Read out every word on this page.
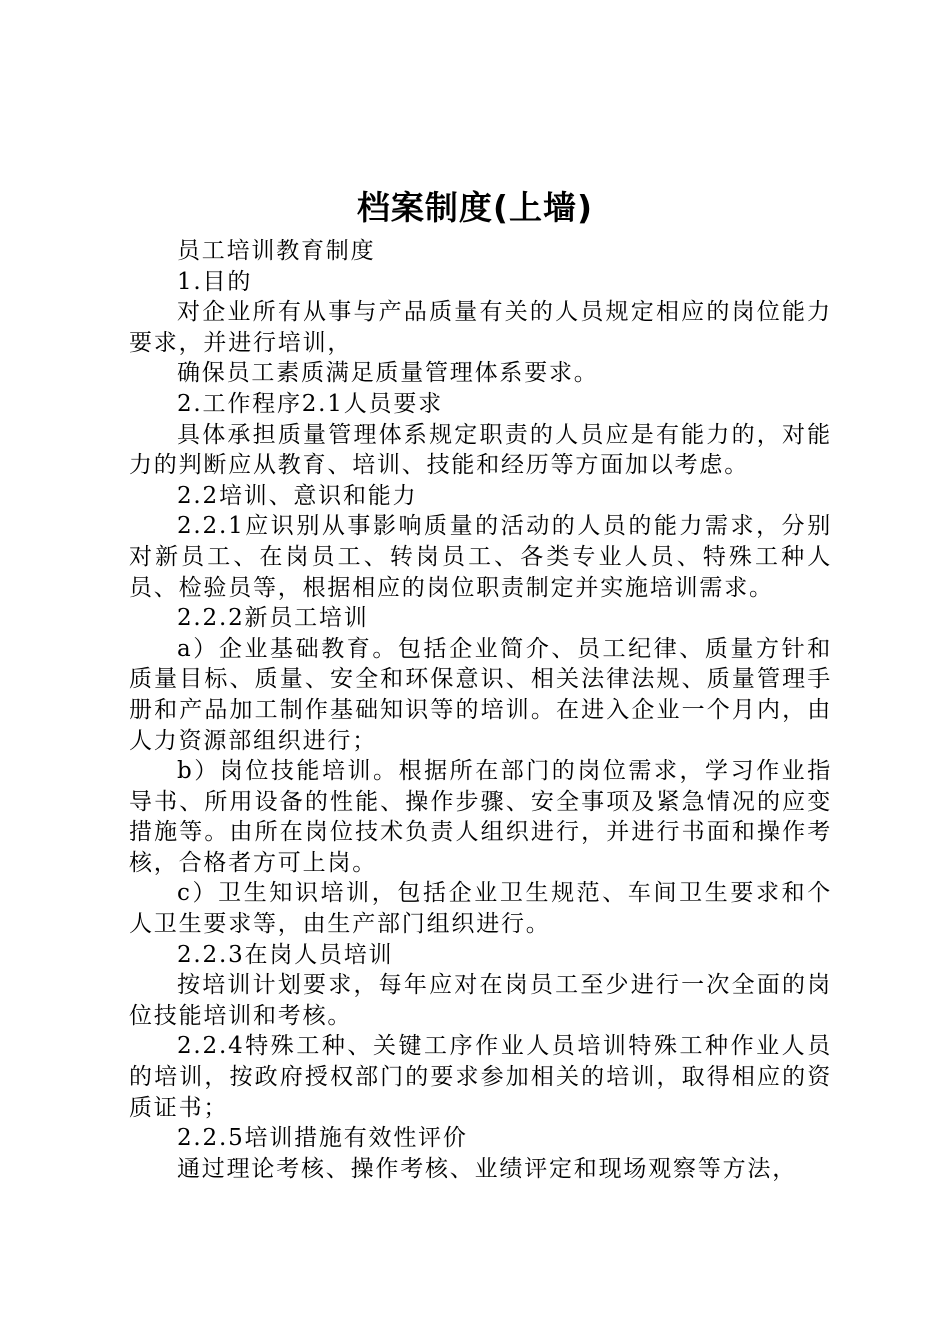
档案制度(上墙)

员工培训教育制度

1.目的

对企业所有从事与产品质量有关的人员规定相应的岗位能力要求，并进行培训，

确保员工素质满足质量管理体系要求。

2.工作程序2.1人员要求

具体承担质量管理体系规定职责的人员应是有能力的，对能力的判断应从教育、培训、技能和经历等方面加以考虑。

2.2培训、意识和能力

2.2.1应识别从事影响质量的活动的人员的能力需求，分别对新员工、在岗员工、转岗员工、各类专业人员、特殊工种人员、检验员等，根据相应的岗位职责制定并实施培训需求。

2.2.2新员工培训

a）企业基础教育。包括企业简介、员工纪律、质量方针和质量目标、质量、安全和环保意识、相关法律法规、质量管理手册和产品加工制作基础知识等的培训。在进入企业一个月内，由人力资源部组织进行；

b）岗位技能培训。根据所在部门的岗位需求，学习作业指导书、所用设备的性能、操作步骤、安全事项及紧急情况的应变措施等。由所在岗位技术负责人组织进行，并进行书面和操作考核，合格者方可上岗。

c）卫生知识培训，包括企业卫生规范、车间卫生要求和个人卫生要求等，由生产部门组织进行。

2.2.3在岗人员培训

按培训计划要求，每年应对在岗员工至少进行一次全面的岗位技能培训和考核。

2.2.4特殊工种、关键工序作业人员培训特殊工种作业人员的培训，按政府授权部门的要求参加相关的培训，取得相应的资质证书；

2.2.5培训措施有效性评价

通过理论考核、操作考核、业绩评定和现场观察等方法，
